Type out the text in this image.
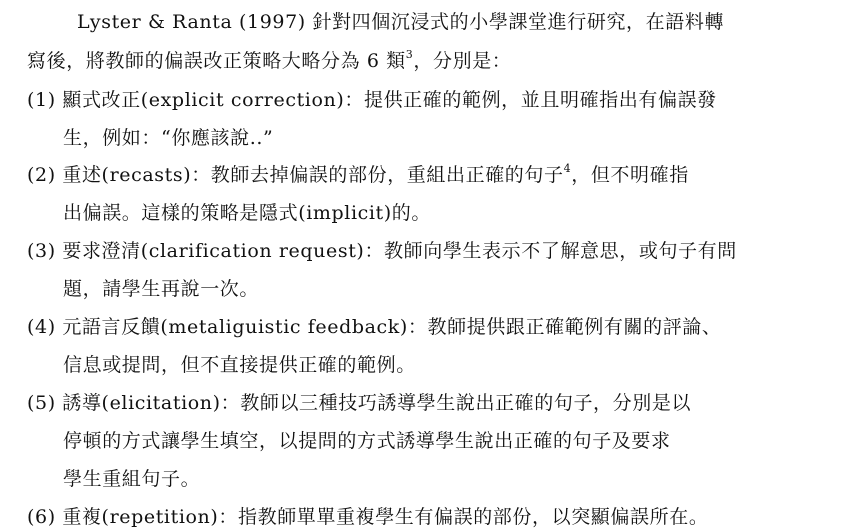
Lyster & Ranta (1997) 針對四個沉浸式的小學課堂進行研究，在語料轉
寫後，將教師的偏誤改正策略大略分為 6 類$^3$，分別是：
(1) 顯式改正(explicit correction)：提供正確的範例，並且明確指出有偏誤發
生，例如：“你應該說..”
(2) 重述(recasts)：教師去掉偏誤的部份，重組出正確的句子$^4$，但不明確指
出偏誤。這樣的策略是隱式(implicit)的。
(3) 要求澄清(clarification request)：教師向學生表示不了解意思，或句子有問
題，請學生再說一次。
(4) 元語言反饋(metaliguistic feedback)：教師提供跟正確範例有關的評論、
信息或提問，但不直接提供正確的範例。
(5) 誘導(elicitation)：教師以三種技巧誘導學生說出正確的句子，分別是以
停頓的方式讓學生填空，以提問的方式誘導學生說出正確的句子及要求
學生重組句子。
(6) 重複(repetition)：指教師單單重複學生有偏誤的部份，以突顯偏誤所在。
